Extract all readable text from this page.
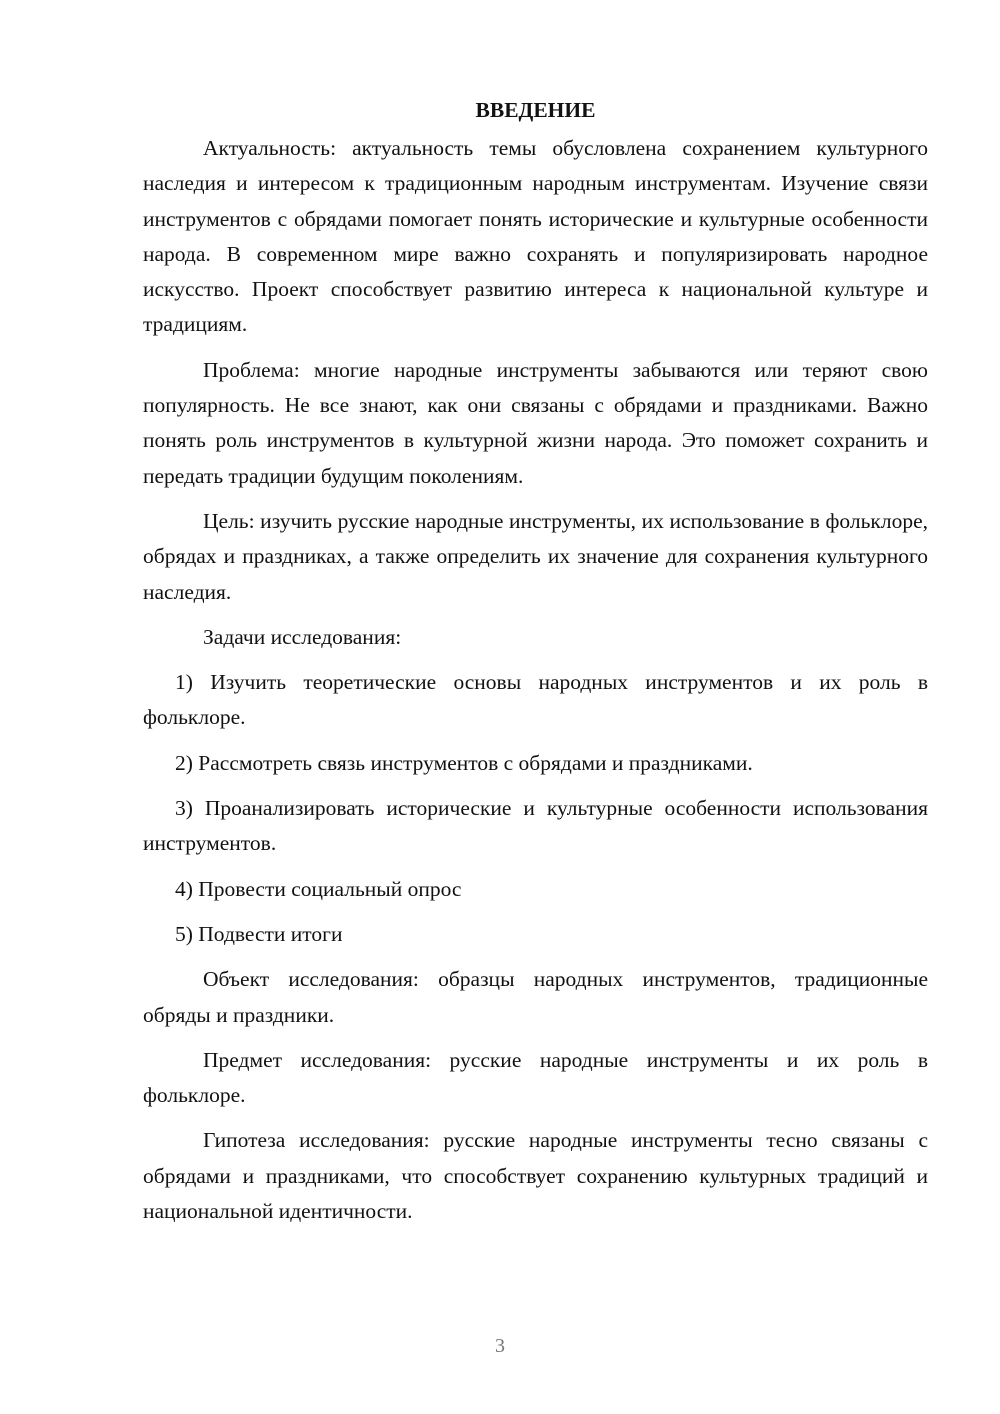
ВВЕДЕНИЕ

Актуальность: актуальность темы обусловлена сохранением культурного наследия и интересом к традиционным народным инструментам. Изучение связи инструментов с обрядами помогает понять исторические и культурные особенности народа. В современном мире важно сохранять и популяризировать народное искусство. Проект способствует развитию интереса к национальной культуре и традициям.

Проблема: многие народные инструменты забываются или теряют свою популярность. Не все знают, как они связаны с обрядами и праздниками. Важно понять роль инструментов в культурной жизни народа. Это поможет сохранить и передать традиции будущим поколениям.

Цель: изучить русские народные инструменты, их использование в фольклоре, обрядах и праздниках, а также определить их значение для сохранения культурного наследия.

Задачи исследования:

1) Изучить теоретические основы народных инструментов и их роль в фольклоре.

2) Рассмотреть связь инструментов с обрядами и праздниками.

3) Проанализировать исторические и культурные особенности использования инструментов.

4) Провести социальный опрос

5) Подвести итоги

Объект исследования: образцы народных инструментов, традиционные обряды и праздники.

Предмет исследования: русские народные инструменты и их роль в фольклоре.

Гипотеза исследования: русские народные инструменты тесно связаны с обрядами и праздниками, что способствует сохранению культурных традиций и национальной идентичности.

3
